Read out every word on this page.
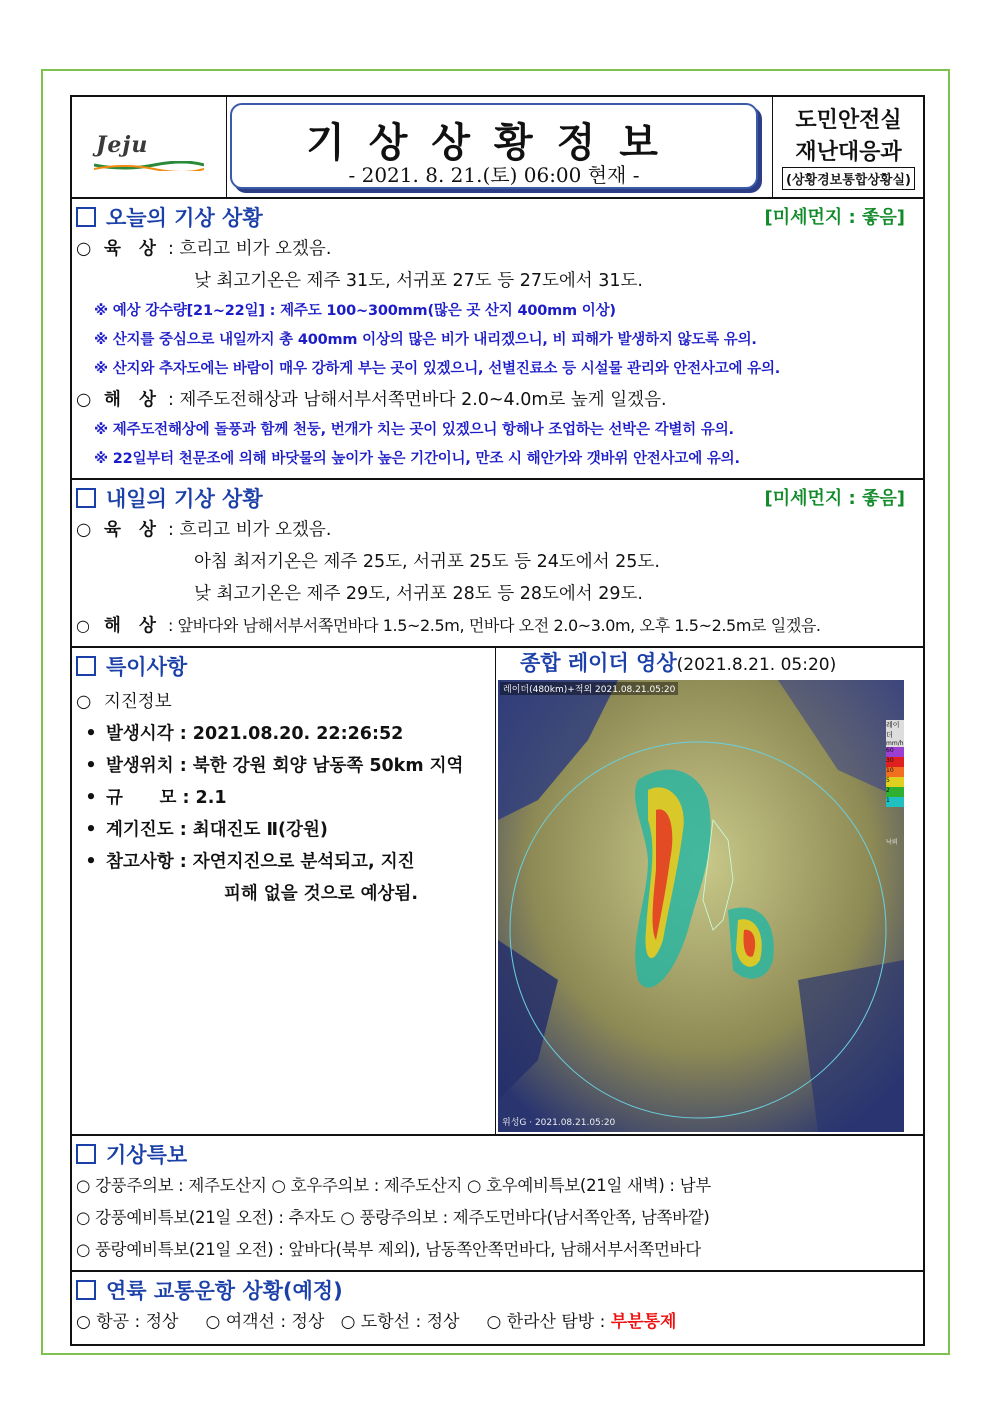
Jeju	기상상황정보
- 2021. 8. 21.(토) 06:00 현재 -
도민안전실
재난대응과
(상황경보통합상황실)
오늘의 기상 상황	[미세먼지 : 좋음]
○ 육 상 : 흐리고 비가 오겠음.
낮 최고기온은 제주 31도, 서귀포 27도 등 27도에서 31도.
※ 예상 강수량[21~22일] : 제주도 100~300mm(많은 곳 산지 400mm 이상)
※ 산지를 중심으로 내일까지 총 400mm 이상의 많은 비가 내리겠으니, 비 피해가 발생하지 않도록 유의.
※ 산지와 추자도에는 바람이 매우 강하게 부는 곳이 있겠으니, 선별진료소 등 시설물 관리와 안전사고에 유의.
○ 해 상 : 제주도전해상과 남해서부서쪽먼바다 2.0~4.0m로 높게 일겠음.
※ 제주도전해상에 돌풍과 함께 천둥, 번개가 치는 곳이 있겠으니 항해나 조업하는 선박은 각별히 유의.
※ 22일부터 천문조에 의해 바닷물의 높이가 높은 기간이니, 만조 시 해안가와 갯바위 안전사고에 유의.
내일의 기상 상황	[미세먼지 : 좋음]
○ 육 상 : 흐리고 비가 오겠음.
아침 최저기온은 제주 25도, 서귀포 25도 등 24도에서 25도.
낮 최고기온은 제주 29도, 서귀포 28도 등 28도에서 29도.
○ 해 상 : 앞바다와 남해서부서쪽먼바다 1.5~2.5m, 먼바다 오전 2.0~3.0m, 오후 1.5~2.5m로 일겠음.
특이사항
○ 지진정보
• 발생시각 : 2021.08.20. 22:26:52
• 발생위치 : 북한 강원 회양 남동쪽 50km 지역
• 규      모 : 2.1
• 계기진도 : 최대진도 Ⅱ(강원)
• 참고사항 : 자연지진으로 분석되고, 지진
피해 없을 것으로 예상됨.
종합 레이더 영상(2021.8.21. 05:20)
레이더(480km)+적외 2021.08.21.05:20
레이더
mm/h
60
30
10
5
2
1
낙뢰
위성G · 2021.08.21.05:20
기상특보
○ 강풍주의보 : 제주도산지 ○ 호우주의보 : 제주도산지 ○ 호우예비특보(21일 새벽) : 남부
○ 강풍예비특보(21일 오전) : 추자도 ○ 풍랑주의보 : 제주도먼바다(남서쪽안쪽, 남쪽바깥)
○ 풍랑예비특보(21일 오전) : 앞바다(북부 제외), 남동쪽안쪽먼바다, 남해서부서쪽먼바다
연륙 교통운항 상황(예정)
○ 항공 : 정상     ○ 여객선 : 정상   ○ 도항선 : 정상     ○ 한라산 탐방 : 부분통제
